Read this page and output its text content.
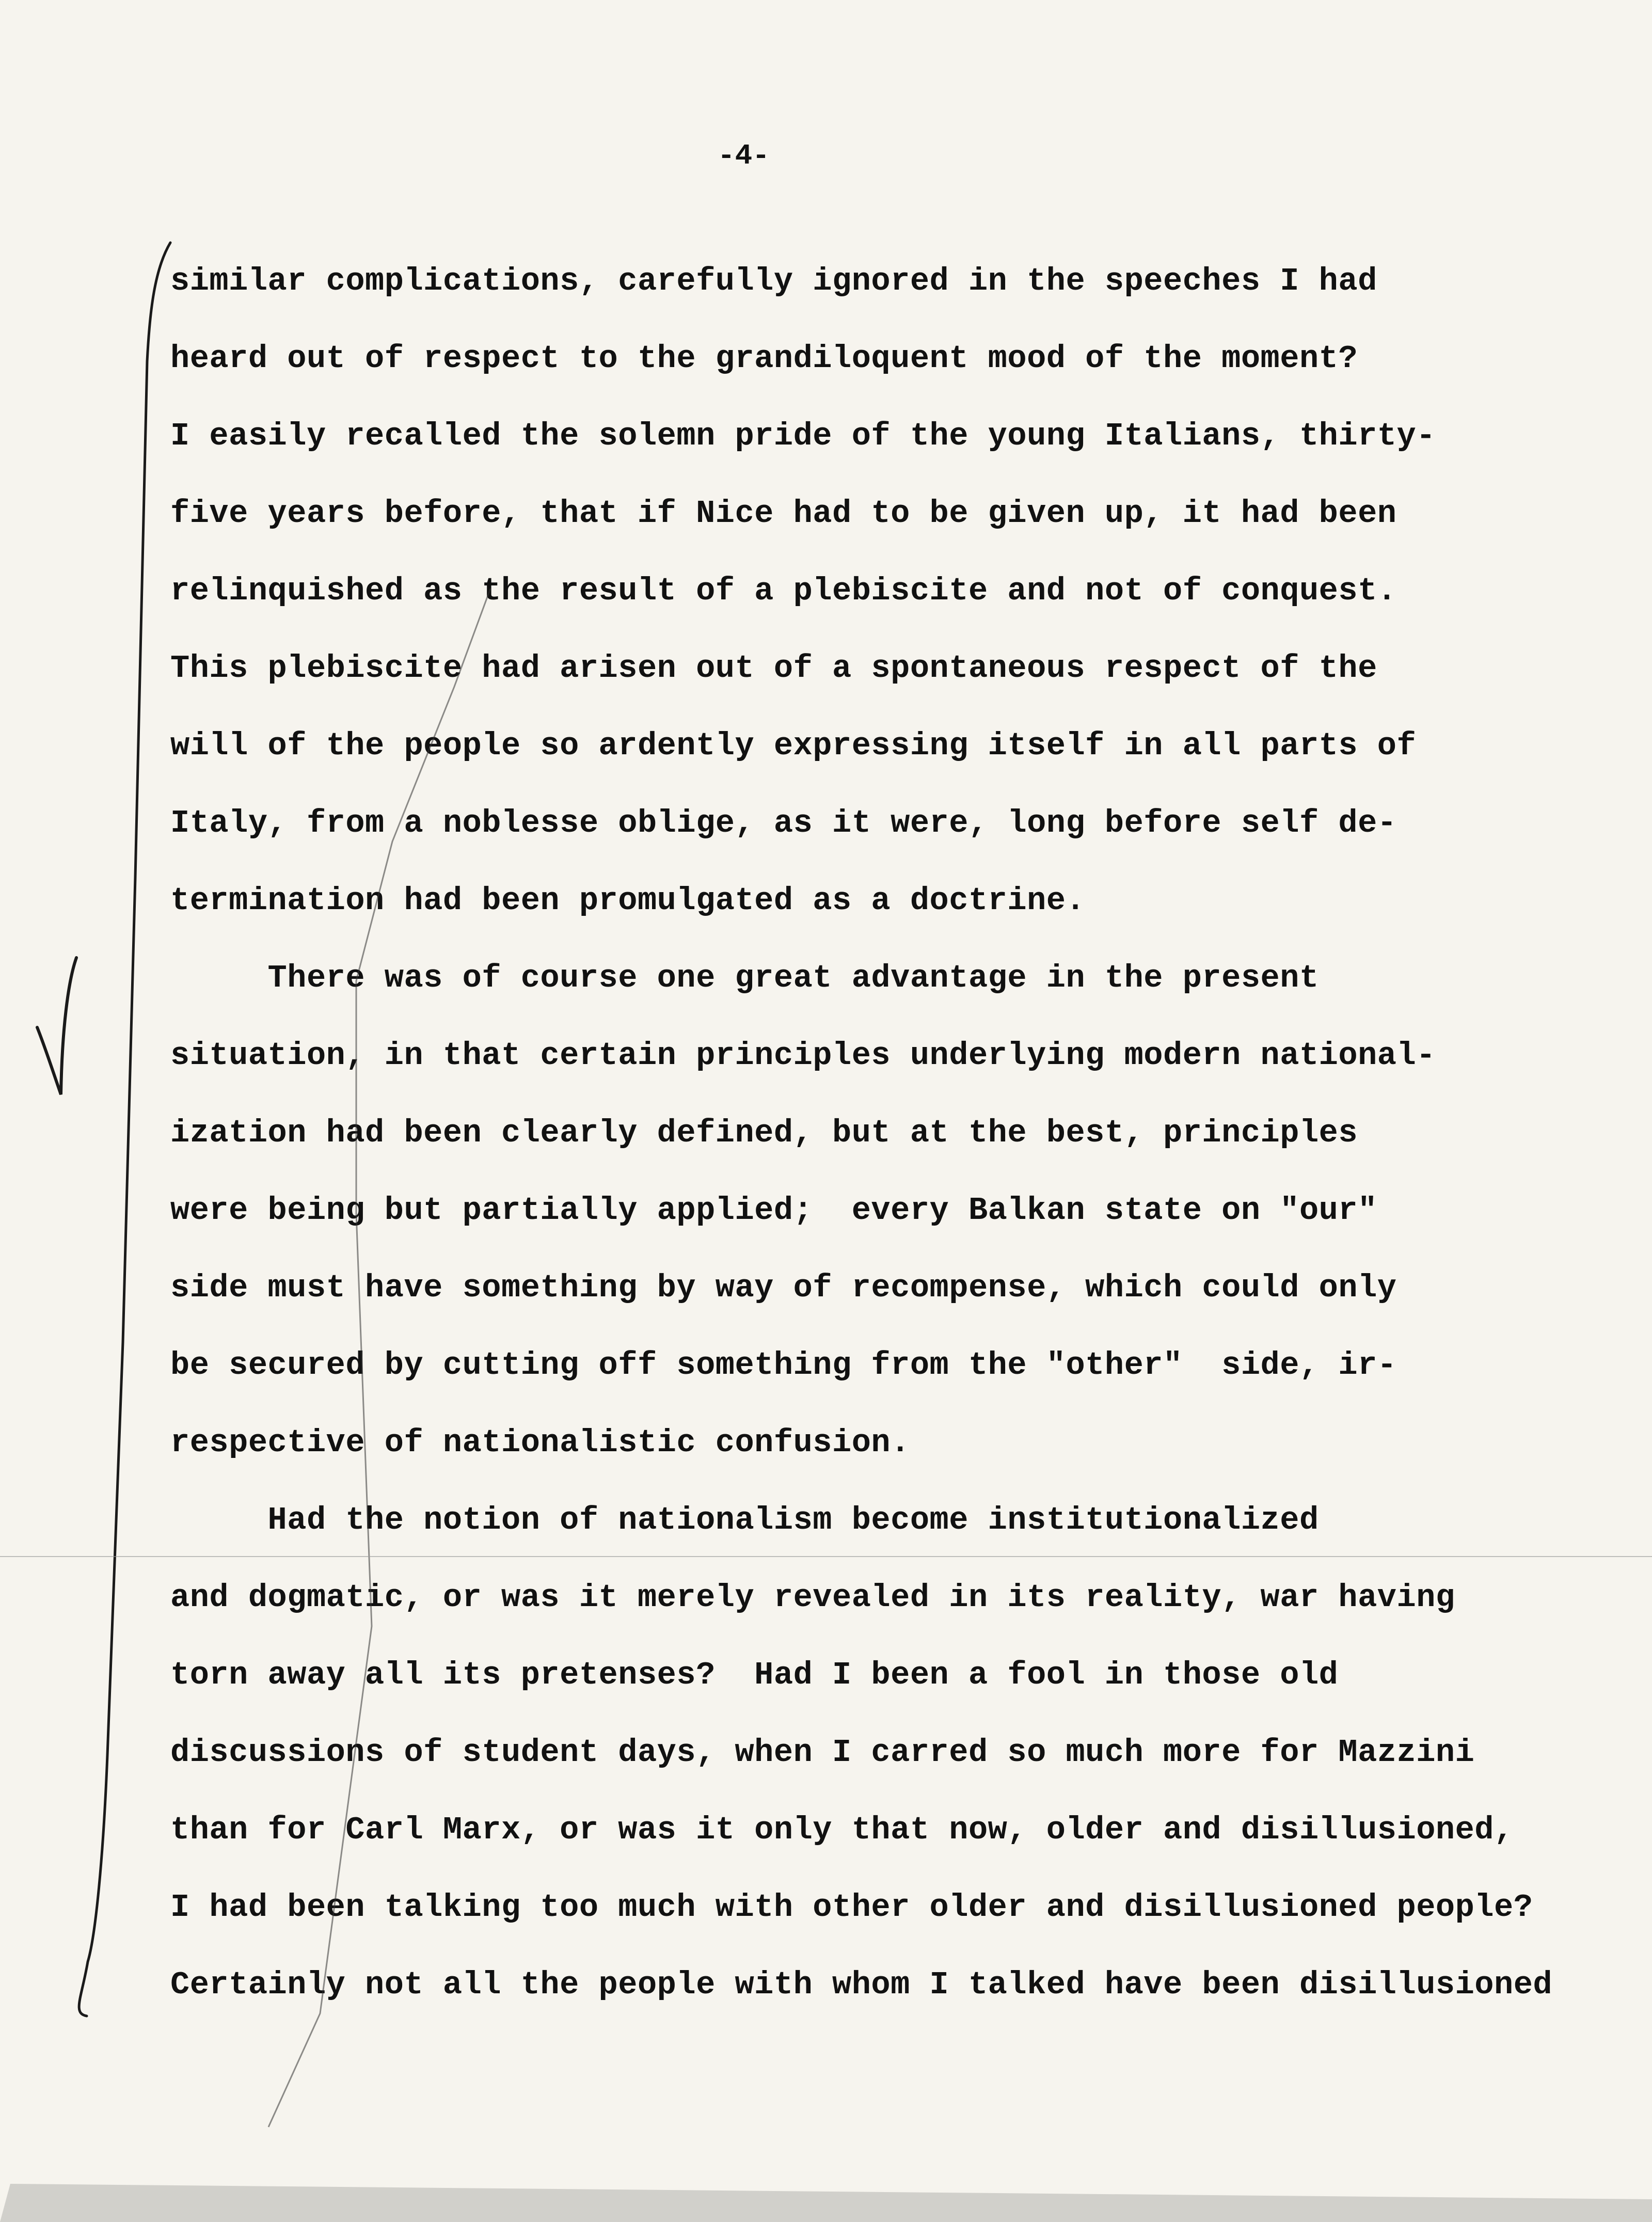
-4-
similar complications, carefully ignored in the speeches I had
heard out of respect to the grandiloquent mood of the moment?
I easily recalled the solemn pride of the young Italians, thirty-
five years before, that if Nice had to be given up, it had been
relinquished as the result of a plebiscite and not of conquest.
This plebiscite had arisen out of a spontaneous respect of the
will of the people so ardently expressing itself in all parts of
Italy, from a noblesse oblige, as it were, long before self de-
termination had been promulgated as a doctrine.
There was of course one great advantage in the present
situation, in that certain principles underlying modern national-
ization had been clearly defined, but at the best, principles
were being but partially applied;  every Balkan state on "our"
side must have something by way of recompense, which could only
be secured by cutting off something from the "other"  side, ir-
respective of nationalistic confusion.
Had the notion of nationalism become institutionalized
and dogmatic, or was it merely revealed in its reality, war having
torn away all its pretenses?  Had I been a fool in those old
discussions of student days, when I carred so much more for Mazzini
than for Carl Marx, or was it only that now, older and disillusioned,
I had been talking too much with other older and disillusioned people?
Certainly not all the people with whom I talked have been disillusioned
